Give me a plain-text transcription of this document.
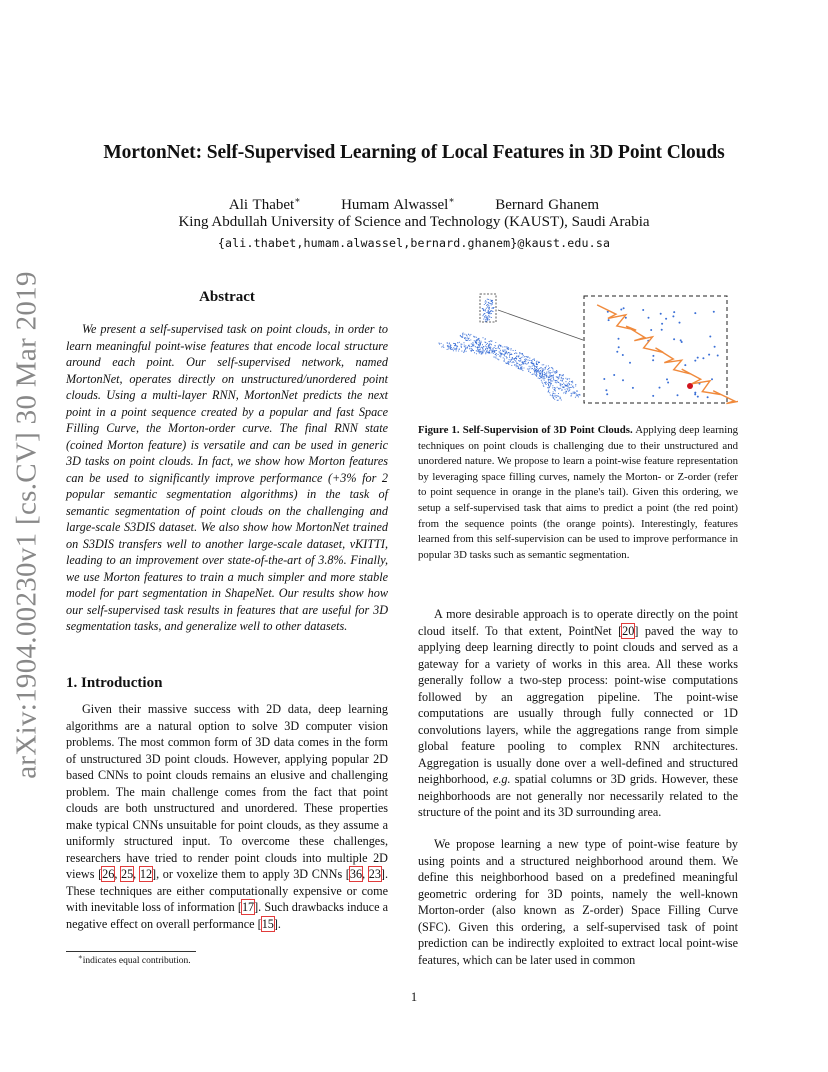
MortonNet: Self-Supervised Learning of Local Features in 3D Point Clouds
Ali Thabet∗	Humam Alwassel∗	Bernard Ghanem
King Abdullah University of Science and Technology (KAUST), Saudi Arabia
{ali.thabet,humam.alwassel,bernard.ghanem}@kaust.edu.sa
arXiv:1904.00230v1 [cs.CV] 30 Mar 2019	Abstract

We present a self-supervised task on point clouds, in order to learn meaningful point-wise features that encode local structure around each point. Our self-supervised network, named MortonNet, operates directly on unstructured/unordered point clouds. Using a multi-layer RNN, MortonNet predicts the next point in a point sequence created by a popular and fast Space Filling Curve, the Morton-order curve. The final RNN state (coined Morton feature) is versatile and can be used in generic 3D tasks on point clouds. In fact, we show how Morton features can be used to significantly improve performance (+3% for 2 popular semantic segmentation algorithms) in the task of semantic segmentation of point clouds on the challenging and large-scale S3DIS dataset. We also show how MortonNet trained on S3DIS transfers well to another large-scale dataset, vKITTI, leading to an improvement over state-of-the-art of 3.8%. Finally, we use Morton features to train a much simpler and more stable model for part segmentation in ShapeNet. Our results show how our self-supervised task results in features that are useful for 3D segmentation tasks, and generalize well to other datasets.

1. Introduction

Given their massive success with 2D data, deep learning algorithms are a natural option to solve 3D computer vision problems. The most common form of 3D data comes in the form of unstructured 3D point clouds. However, applying popular 2D based CNNs to point clouds remains an elusive and challenging problem. The main challenge comes from the fact that point clouds are both unstructured and unordered. These properties make typical CNNs unsuitable for point clouds, as they assume a uniformly structured input. To overcome these challenges, researchers have tried to render point clouds into multiple 2D views [26, 25, 12], or voxelize them to apply 3D CNNs [36, 23]. These techniques are either computationally expensive or come with inevitable loss of information [17]. Such drawbacks induce a negative effect on overall performance [15].

∗indicates equal contribution.

Figure 1. Self-Supervision of 3D Point Clouds. Applying deep learning techniques on point clouds is challenging due to their unstructured and unordered nature. We propose to learn a point-wise feature representation by leveraging space filling curves, namely the Morton- or Z-order (refer to point sequence in orange in the plane's tail). Given this ordering, we setup a self-supervised task that aims to predict a point (the red point) from the sequence points (the orange points). Interestingly, features learned from this self-supervision can be used to improve performance in popular 3D tasks such as semantic segmentation.

A more desirable approach is to operate directly on the point cloud itself. To that extent, PointNet [20] paved the way to applying deep learning directly to point clouds and served as a gateway for a variety of works in this area. All these works generally follow a two-step process: point-wise computations followed by an aggregation pipeline. The point-wise computations are usually through fully connected or 1D convolutions layers, while the aggregations range from simple global feature pooling to complex RNN architectures. Aggregation is usually done over a well-defined and structured neighborhood, e.g. spatial columns or 3D grids. However, these neighborhoods are not generally nor necessarily related to the structure of the point and its 3D surrounding area.

We propose learning a new type of point-wise feature by using points and a structured neighborhood around them. We define this neighborhood based on a predefined meaningful geometric ordering for 3D points, namely the well-known Morton-order (also known as Z-order) Space Filling Curve (SFC). Given this ordering, a self-supervised task of point prediction can be indirectly exploited to extract local point-wise features, which can be later used in common

1
